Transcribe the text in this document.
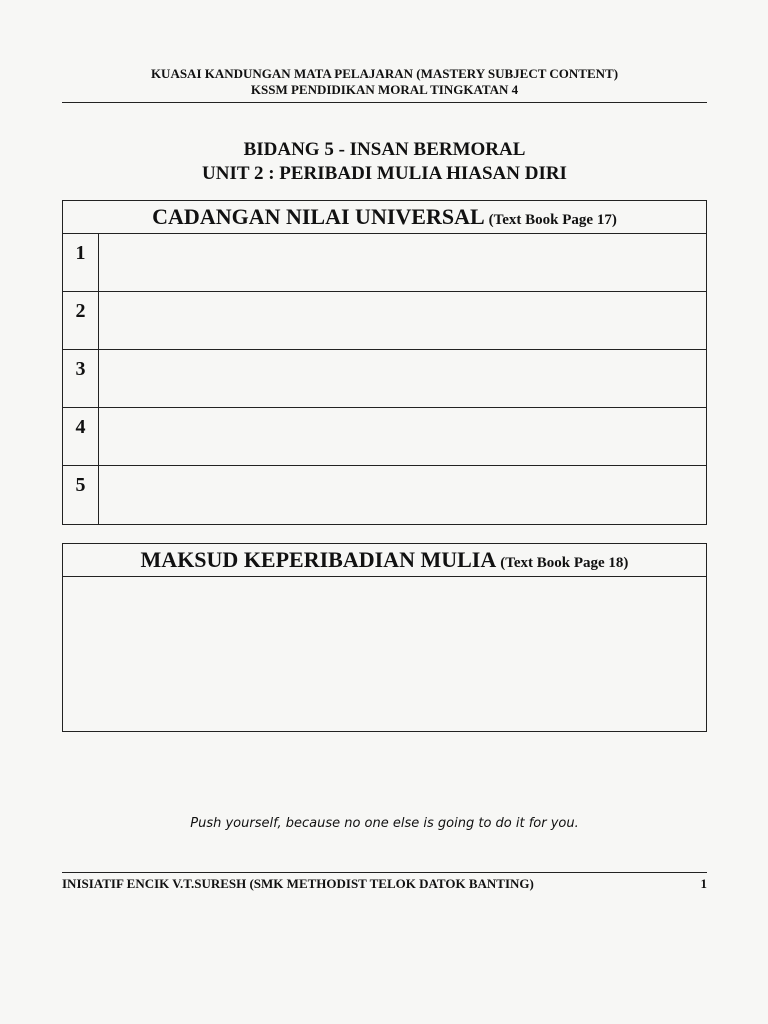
KUASAI KANDUNGAN MATA PELAJARAN (MASTERY SUBJECT CONTENT)
KSSM PENDIDIKAN MORAL TINGKATAN 4
BIDANG 5 - INSAN BERMORAL
UNIT 2 : PERIBADI MULIA HIASAN DIRI
CADANGAN NILAI UNIVERSAL (Text Book Page 17)
1
2
3
4
5
MAKSUD KEPERIBADIAN MULIA (Text Book Page 18)
Push yourself, because no one else is going to do it for you.
INISIATIF ENCIK V.T.SURESH (SMK METHODIST TELOK DATOK BANTING)	1
